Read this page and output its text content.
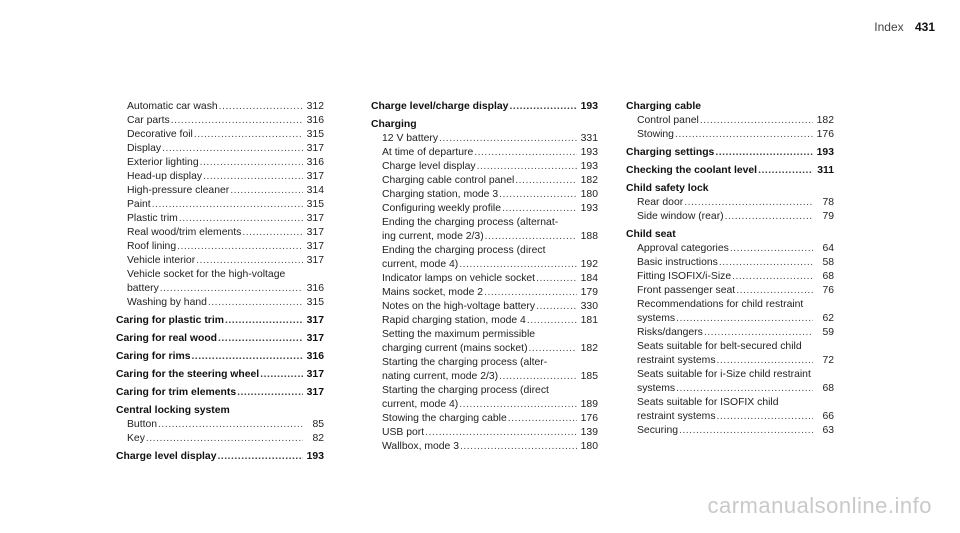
Index 431
Automatic car wash .....	312
Car parts .....	316
Decorative foil .....	315
Display .....	317
Exterior lighting .....	316
Head-up display .....	317
High-pressure cleaner .....	314
Paint .....	315
Plastic trim .....	317
Real wood/trim elements .....	317
Roof lining .....	317
Vehicle interior .....	317
Vehicle socket for the high-voltage
battery .....	316
Washing by hand .....	315
Caring for plastic trim .....	317
Caring for real wood .....	317
Caring for rims .....	316
Caring for the steering wheel .....	317
Caring for trim elements .....	317
Central locking system
Button .....	85
Key .....	82
Charge level display .....	193
Charge level/charge display .....	193
Charging
12 V battery .....	331
At time of departure .....	193
Charge level display .....	193
Charging cable control panel .....	182
Charging station, mode 3 .....	180
Configuring weekly profile .....	193
Ending the charging process (alternat-
ing current, mode 2/3) .....	188
Ending the charging process (direct
current, mode 4) .....	192
Indicator lamps on vehicle socket .....	184
Mains socket, mode 2 .....	179
Notes on the high-voltage battery .....	330
Rapid charging station, mode 4 .....	181
Setting the maximum permissible
charging current (mains socket) .....	182
Starting the charging process (alter-
nating current, mode 2/3) .....	185
Starting the charging process (direct
current, mode 4) .....	189
Stowing the charging cable .....	176
USB port .....	139
Wallbox, mode 3 .....	180
Charging cable
Control panel .....	182
Stowing .....	176
Charging settings .....	193
Checking the coolant level .....	311
Child safety lock
Rear door .....	78
Side window (rear) .....	79
Child seat
Approval categories .....	64
Basic instructions .....	58
Fitting ISOFIX/i-Size .....	68
Front passenger seat .....	76
Recommendations for child restraint
systems .....	62
Risks/dangers .....	59
Seats suitable for belt-secured child
restraint systems .....	72
Seats suitable for i-Size child restraint
systems .....	68
Seats suitable for ISOFIX child
restraint systems .....	66
Securing .....	63
carmanualsonline.info
